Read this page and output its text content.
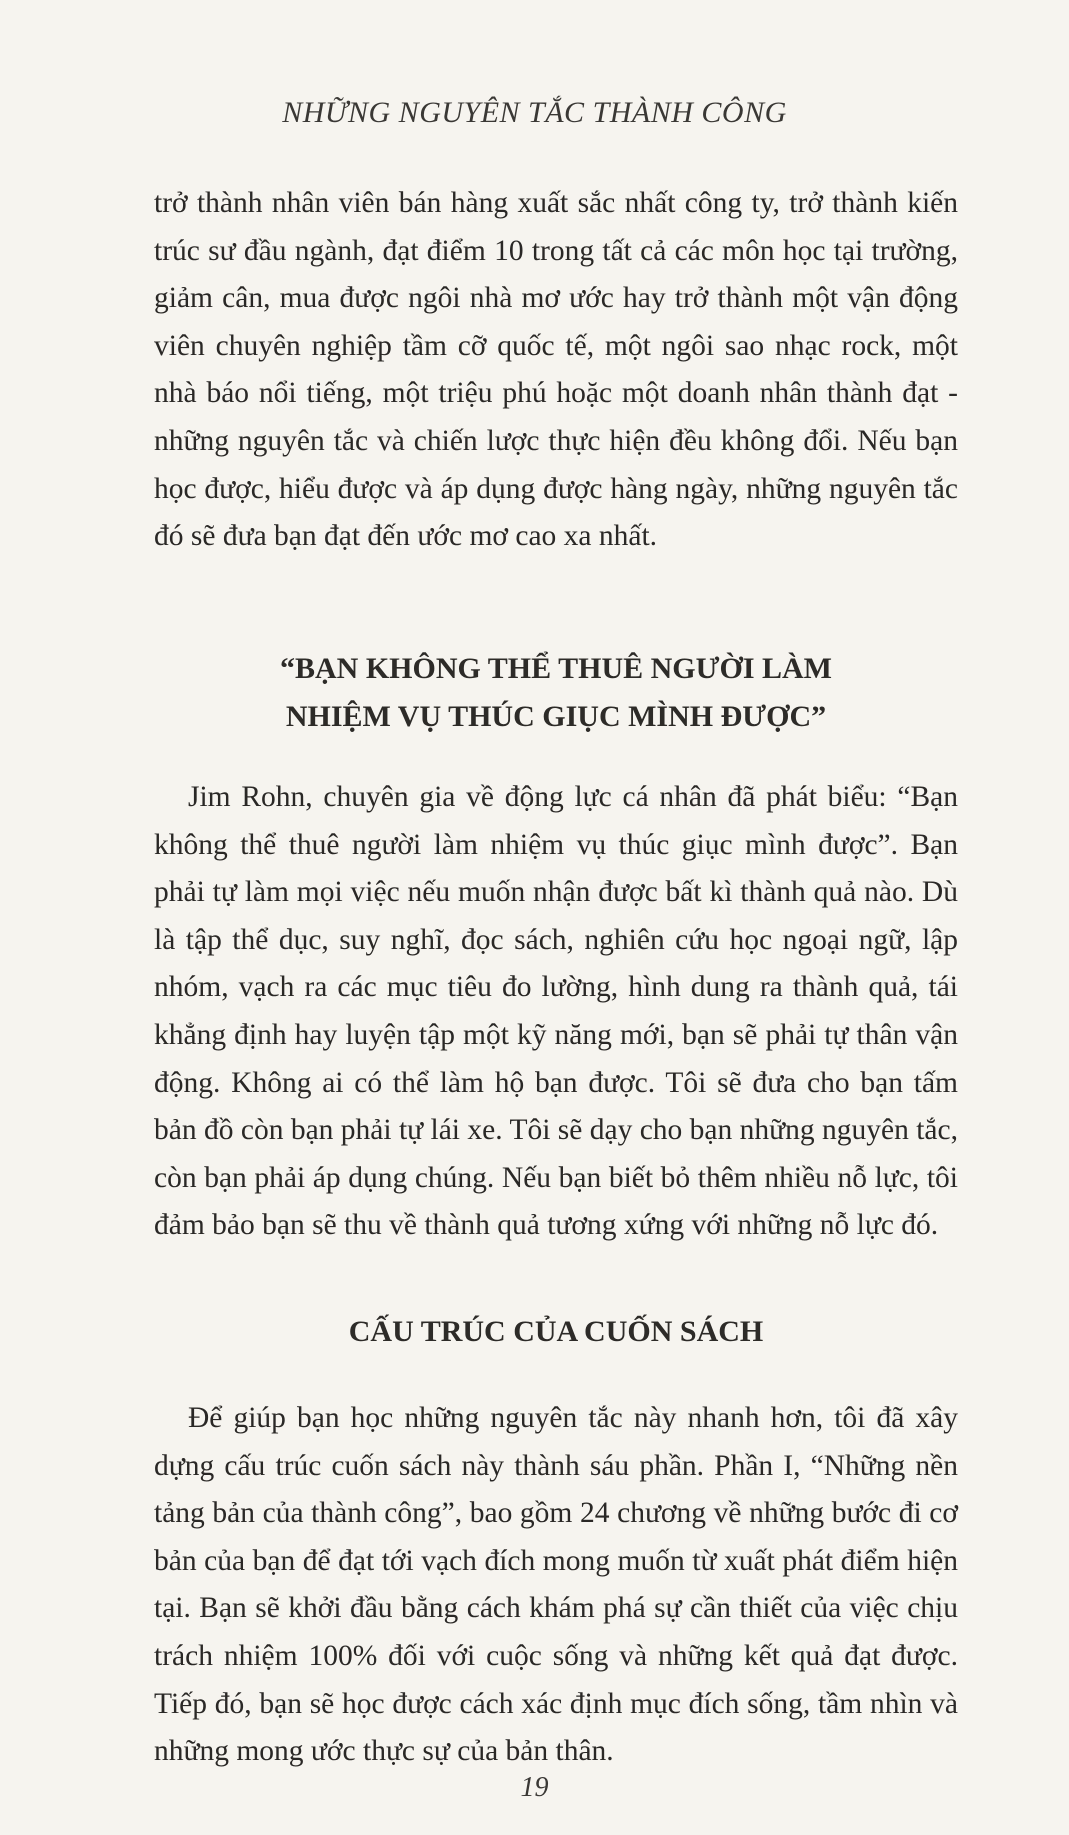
NHỮNG NGUYÊN TẮC THÀNH CÔNG

trở thành nhân viên bán hàng xuất sắc nhất công ty, trở thành kiến trúc sư đầu ngành, đạt điểm 10 trong tất cả các môn học tại trường, giảm cân, mua được ngôi nhà mơ ước hay trở thành một vận động viên chuyên nghiệp tầm cỡ quốc tế, một ngôi sao nhạc rock, một nhà báo nổi tiếng, một triệu phú hoặc một doanh nhân thành đạt - những nguyên tắc và chiến lược thực hiện đều không đổi. Nếu bạn học được, hiểu được và áp dụng được hàng ngày, những nguyên tắc đó sẽ đưa bạn đạt đến ước mơ cao xa nhất.

“BẠN KHÔNG THỂ THUÊ NGƯỜI LÀM
NHIỆM VỤ THÚC GIỤC MÌNH ĐƯỢC”

Jim Rohn, chuyên gia về động lực cá nhân đã phát biểu: “Bạn không thể thuê người làm nhiệm vụ thúc giục mình được”. Bạn phải tự làm mọi việc nếu muốn nhận được bất kì thành quả nào. Dù là tập thể dục, suy nghĩ, đọc sách, nghiên cứu học ngoại ngữ, lập nhóm, vạch ra các mục tiêu đo lường, hình dung ra thành quả, tái khẳng định hay luyện tập một kỹ năng mới, bạn sẽ phải tự thân vận động. Không ai có thể làm hộ bạn được. Tôi sẽ đưa cho bạn tấm bản đồ còn bạn phải tự lái xe. Tôi sẽ dạy cho bạn những nguyên tắc, còn bạn phải áp dụng chúng. Nếu bạn biết bỏ thêm nhiều nỗ lực, tôi đảm bảo bạn sẽ thu về thành quả tương xứng với những nỗ lực đó.

CẤU TRÚC CỦA CUỐN SÁCH

Để giúp bạn học những nguyên tắc này nhanh hơn, tôi đã xây dựng cấu trúc cuốn sách này thành sáu phần. Phần I, “Những nền tảng bản của thành công”, bao gồm 24 chương về những bước đi cơ bản của bạn để đạt tới vạch đích mong muốn từ xuất phát điểm hiện tại. Bạn sẽ khởi đầu bằng cách khám phá sự cần thiết của việc chịu trách nhiệm 100% đối với cuộc sống và những kết quả đạt được. Tiếp đó, bạn sẽ học được cách xác định mục đích sống, tầm nhìn và những mong ước thực sự của bản thân.

19
